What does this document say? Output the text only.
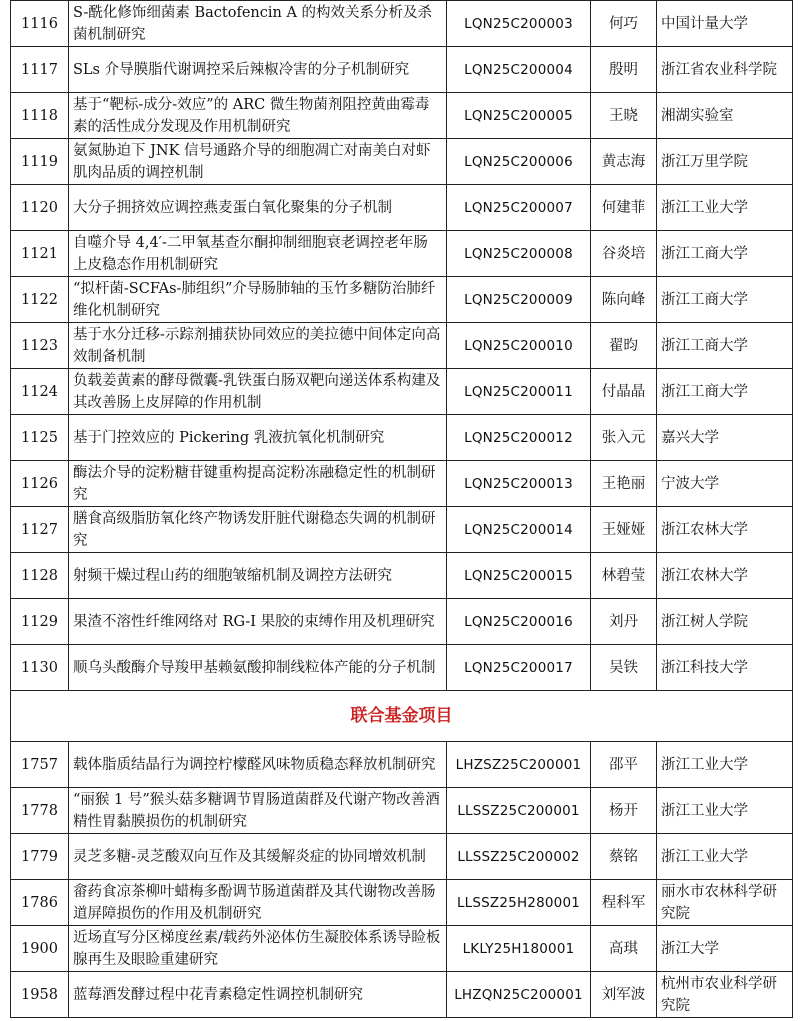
1116	S-酰化修饰细菌素 Bactofencin A 的构效关系分析及杀菌机制研究	LQN25C200003	何巧	中国计量大学
1117	SLs 介导膜脂代谢调控采后辣椒冷害的分子机制研究	LQN25C200004	殷明	浙江省农业科学院
1118	基于“靶标-成分-效应”的 ARC 微生物菌剂阻控黄曲霉毒素的活性成分发现及作用机制研究	LQN25C200005	王晓	湘湖实验室
1119	氨氮胁迫下 JNK 信号通路介导的细胞凋亡对南美白对虾肌肉品质的调控机制	LQN25C200006	黄志海	浙江万里学院
1120	大分子拥挤效应调控燕麦蛋白氧化聚集的分子机制	LQN25C200007	何建菲	浙江工业大学
1121	自噬介导 4,4′-二甲氧基查尔酮抑制细胞衰老调控老年肠上皮稳态作用机制研究	LQN25C200008	谷炎培	浙江工商大学
1122	“拟杆菌-SCFAs-肺组织”介导肠肺轴的玉竹多糖防治肺纤维化机制研究	LQN25C200009	陈向峰	浙江工商大学
1123	基于水分迁移-示踪剂捕获协同效应的美拉德中间体定向高效制备机制	LQN25C200010	翟昀	浙江工商大学
1124	负载姜黄素的酵母微囊-乳铁蛋白肠双靶向递送体系构建及其改善肠上皮屏障的作用机制	LQN25C200011	付晶晶	浙江工商大学
1125	基于门控效应的 Pickering 乳液抗氧化机制研究	LQN25C200012	张入元	嘉兴大学
1126	酶法介导的淀粉糖苷键重构提高淀粉冻融稳定性的机制研究	LQN25C200013	王艳丽	宁波大学
1127	膳食高级脂肪氧化终产物诱发肝脏代谢稳态失调的机制研究	LQN25C200014	王娅娅	浙江农林大学
1128	射频干燥过程山药的细胞皱缩机制及调控方法研究	LQN25C200015	林碧莹	浙江农林大学
1129	果渣不溶性纤维网络对 RG-I 果胶的束缚作用及机理研究	LQN25C200016	刘丹	浙江树人学院
1130	顺乌头酸酶介导羧甲基赖氨酸抑制线粒体产能的分子机制	LQN25C200017	吴铁	浙江科技大学
联合基金项目				
1757	载体脂质结晶行为调控柠檬醛风味物质稳态释放机制研究	LHZSZ25C200001	邵平	浙江工业大学
1778	“丽猴 1 号”猴头菇多糖调节胃肠道菌群及代谢产物改善酒精性胃黏膜损伤的机制研究	LLSSZ25C200001	杨开	浙江工业大学
1779	灵芝多糖-灵芝酸双向互作及其缓解炎症的协同增效机制	LLSSZ25C200002	蔡铭	浙江工业大学
1786	畲药食凉茶柳叶蜡梅多酚调节肠道菌群及其代谢物改善肠道屏障损伤的作用及机制研究	LLSSZ25H280001	程科军	丽水市农林科学研究院
1900	近场直写分区梯度丝素/载药外泌体仿生凝胶体系诱导睑板腺再生及眼睑重建研究	LKLY25H180001	高琪	浙江大学
1958	蓝莓酒发酵过程中花青素稳定性调控机制研究	LHZQN25C200001	刘军波	杭州市农业科学研究院
